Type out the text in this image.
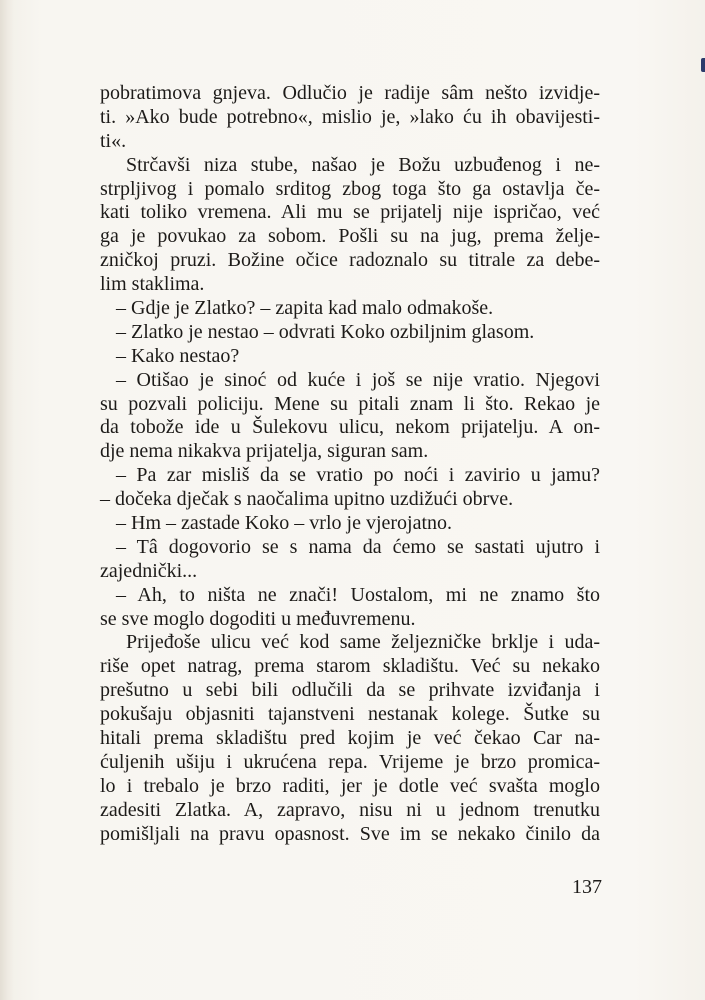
pobratimova gnjeva. Odlučio je radije sâm nešto izvidje-
ti. »Ako bude potrebno«, mislio je, »lako ću ih obavijesti-
ti«.
Strčavši niza stube, našao je Božu uzbuđenog i ne-
strpljivog i pomalo srditog zbog toga što ga ostavlja če-
kati toliko vremena. Ali mu se prijatelj nije ispričao, već
ga je povukao za sobom. Pošli su na jug, prema želje-
zničkoj pruzi. Božine očice radoznalo su titrale za debe-
lim staklima.
– Gdje je Zlatko? – zapita kad malo odmakoše.
– Zlatko je nestao – odvrati Koko ozbiljnim glasom.
– Kako nestao?
– Otišao je sinoć od kuće i još se nije vratio. Njegovi
su pozvali policiju. Mene su pitali znam li što. Rekao je
da tobože ide u Šulekovu ulicu, nekom prijatelju. A on-
dje nema nikakva prijatelja, siguran sam.
– Pa zar misliš da se vratio po noći i zavirio u jamu?
– dočeka dječak s naočalima upitno uzdižući obrve.
– Hm – zastade Koko – vrlo je vjerojatno.
– Tâ dogovorio se s nama da ćemo se sastati ujutro i
zajednički...
– Ah, to ništa ne znači! Uostalom, mi ne znamo što
se sve moglo dogoditi u međuvremenu.
Prijeđoše ulicu već kod same željezničke brklje i uda-
riše opet natrag, prema starom skladištu. Već su nekako
prešutno u sebi bili odlučili da se prihvate izviđanja i
pokušaju objasniti tajanstveni nestanak kolege. Šutke su
hitali prema skladištu pred kojim je već čekao Car na-
ćuljenih ušiju i ukrućena repa. Vrijeme je brzo promica-
lo i trebalo je brzo raditi, jer je dotle već svašta moglo
zadesiti Zlatka. A, zapravo, nisu ni u jednom trenutku
pomišljali na pravu opasnost. Sve im se nekako činilo da
137
